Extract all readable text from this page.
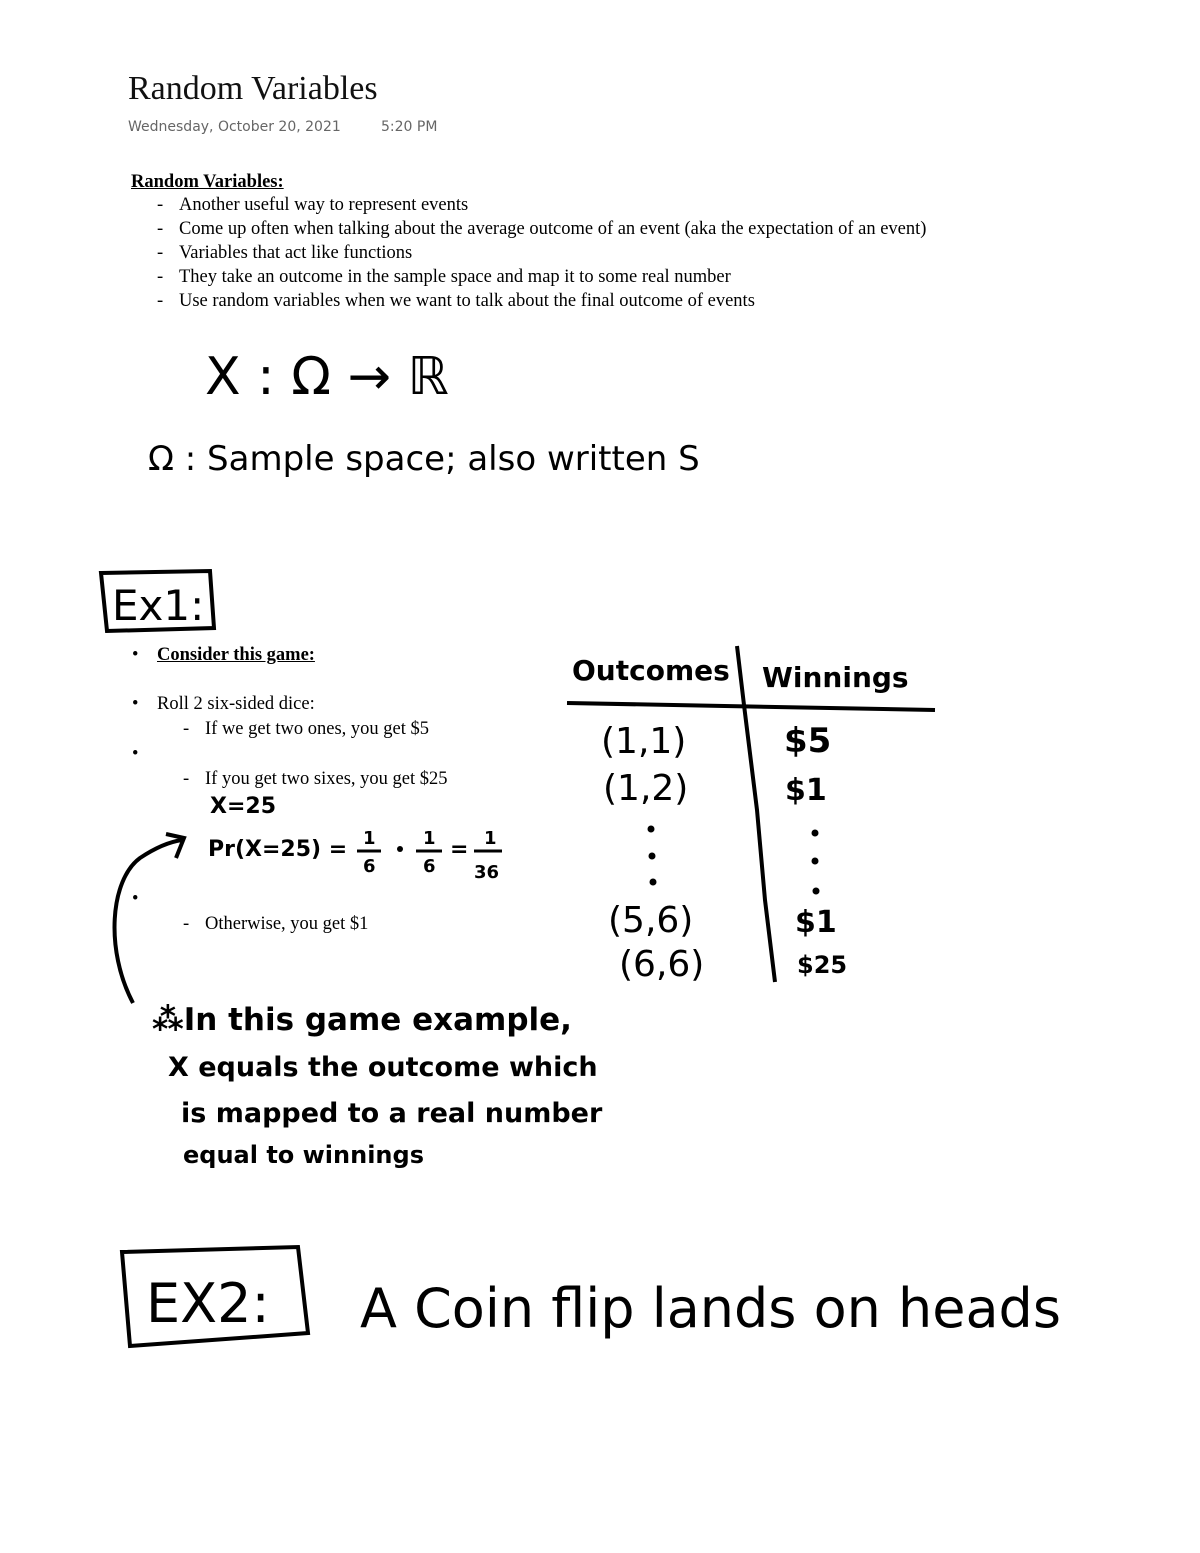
Random Variables
Wednesday, October 20, 2021	5:20 PM
Random Variables:
- Another useful way to represent events
- Come up often when talking about the average outcome of an event (aka the expectation of an event)
- Variables that act like functions
- They take an outcome in the sample space and map it to some real number
- Use random variables when we want to talk about the final outcome of events
Consider this game:
Roll 2 six-sided dice:
If we get two ones, you get $5
If you get two sixes, you get $25
Otherwise, you get $1
X : Ω → ℝ
Ω : Sample space; also written S
Ex1:
X=25
Pr(X=25) = 1
6
1
6
= 1
36
Outcomes Winnings
(1,1)	$5
(1,2)	$1
(5,6)	$1
(6,6)	$25
⁂In this game example,
X equals the outcome which
is mapped to a real number
equal to winnings
EX2: A Coin flip lands on heads
